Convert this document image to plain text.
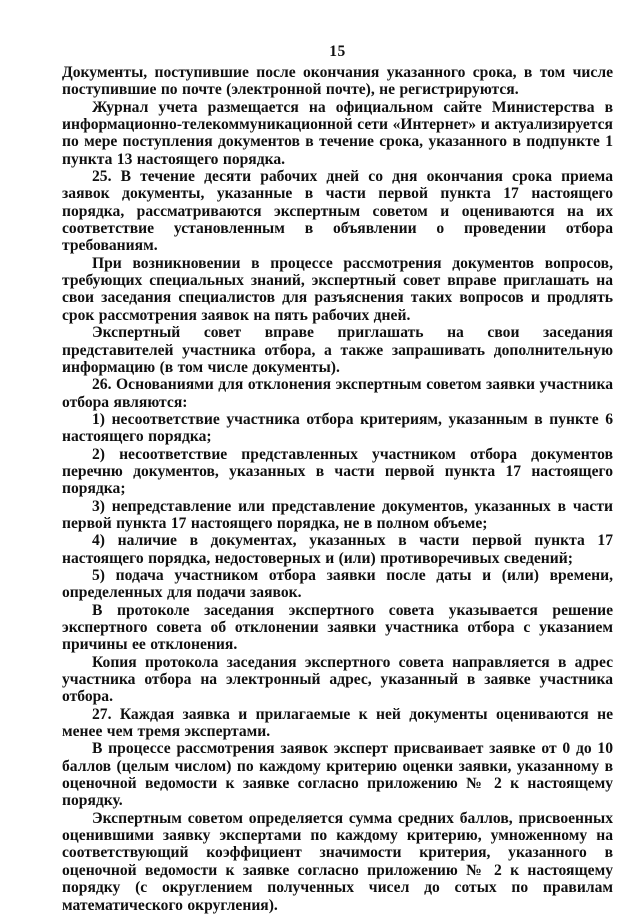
15

Документы, поступившие после окончания указанного срока, в том числе поступившие по почте (электронной почте), не регистрируются.

Журнал учета размещается на официальном сайте Министерства в информационно-телекоммуникационной сети «Интернет» и актуализируется по мере поступления документов в течение срока, указанного в подпункте 1 пункта 13 настоящего порядка.

25. В течение десяти рабочих дней со дня окончания срока приема заявок документы, указанные в части первой пункта 17 настоящего порядка, рассматриваются экспертным советом и оцениваются на их соответствие установленным в объявлении о проведении отбора требованиям.

При возникновении в процессе рассмотрения документов вопросов, требующих специальных знаний, экспертный совет вправе приглашать на свои заседания специалистов для разъяснения таких вопросов и продлять срок рассмотрения заявок на пять рабочих дней.

Экспертный совет вправе приглашать на свои заседания представителей участника отбора, а также запрашивать дополнительную информацию (в том числе документы).

26. Основаниями для отклонения экспертным советом заявки участника отбора являются:

1) несоответствие участника отбора критериям, указанным в пункте 6 настоящего порядка;

2) несоответствие представленных участником отбора документов перечню документов, указанных в части первой пункта 17 настоящего порядка;

3) непредставление или представление документов, указанных в части первой пункта 17 настоящего порядка, не в полном объеме;

4) наличие в документах, указанных в части первой пункта 17 настоящего порядка, недостоверных и (или) противоречивых сведений;

5) подача участником отбора заявки после даты и (или) времени, определенных для подачи заявок.

В протоколе заседания экспертного совета указывается решение экспертного совета об отклонении заявки участника отбора с указанием причины ее отклонения.

Копия протокола заседания экспертного совета направляется в адрес участника отбора на электронный адрес, указанный в заявке участника отбора.

27. Каждая заявка и прилагаемые к ней документы оцениваются не менее чем тремя экспертами.

В процессе рассмотрения заявок эксперт присваивает заявке от 0 до 10 баллов (целым числом) по каждому критерию оценки заявки, указанному в оценочной ведомости к заявке согласно приложению № 2 к настоящему порядку.

Экспертным советом определяется сумма средних баллов, присвоенных оценившими заявку экспертами по каждому критерию, умноженному на соответствующий коэффициент значимости критерия, указанного в оценочной ведомости к заявке согласно приложению № 2 к настоящему порядку (с округлением полученных чисел до сотых по правилам математического округления).
